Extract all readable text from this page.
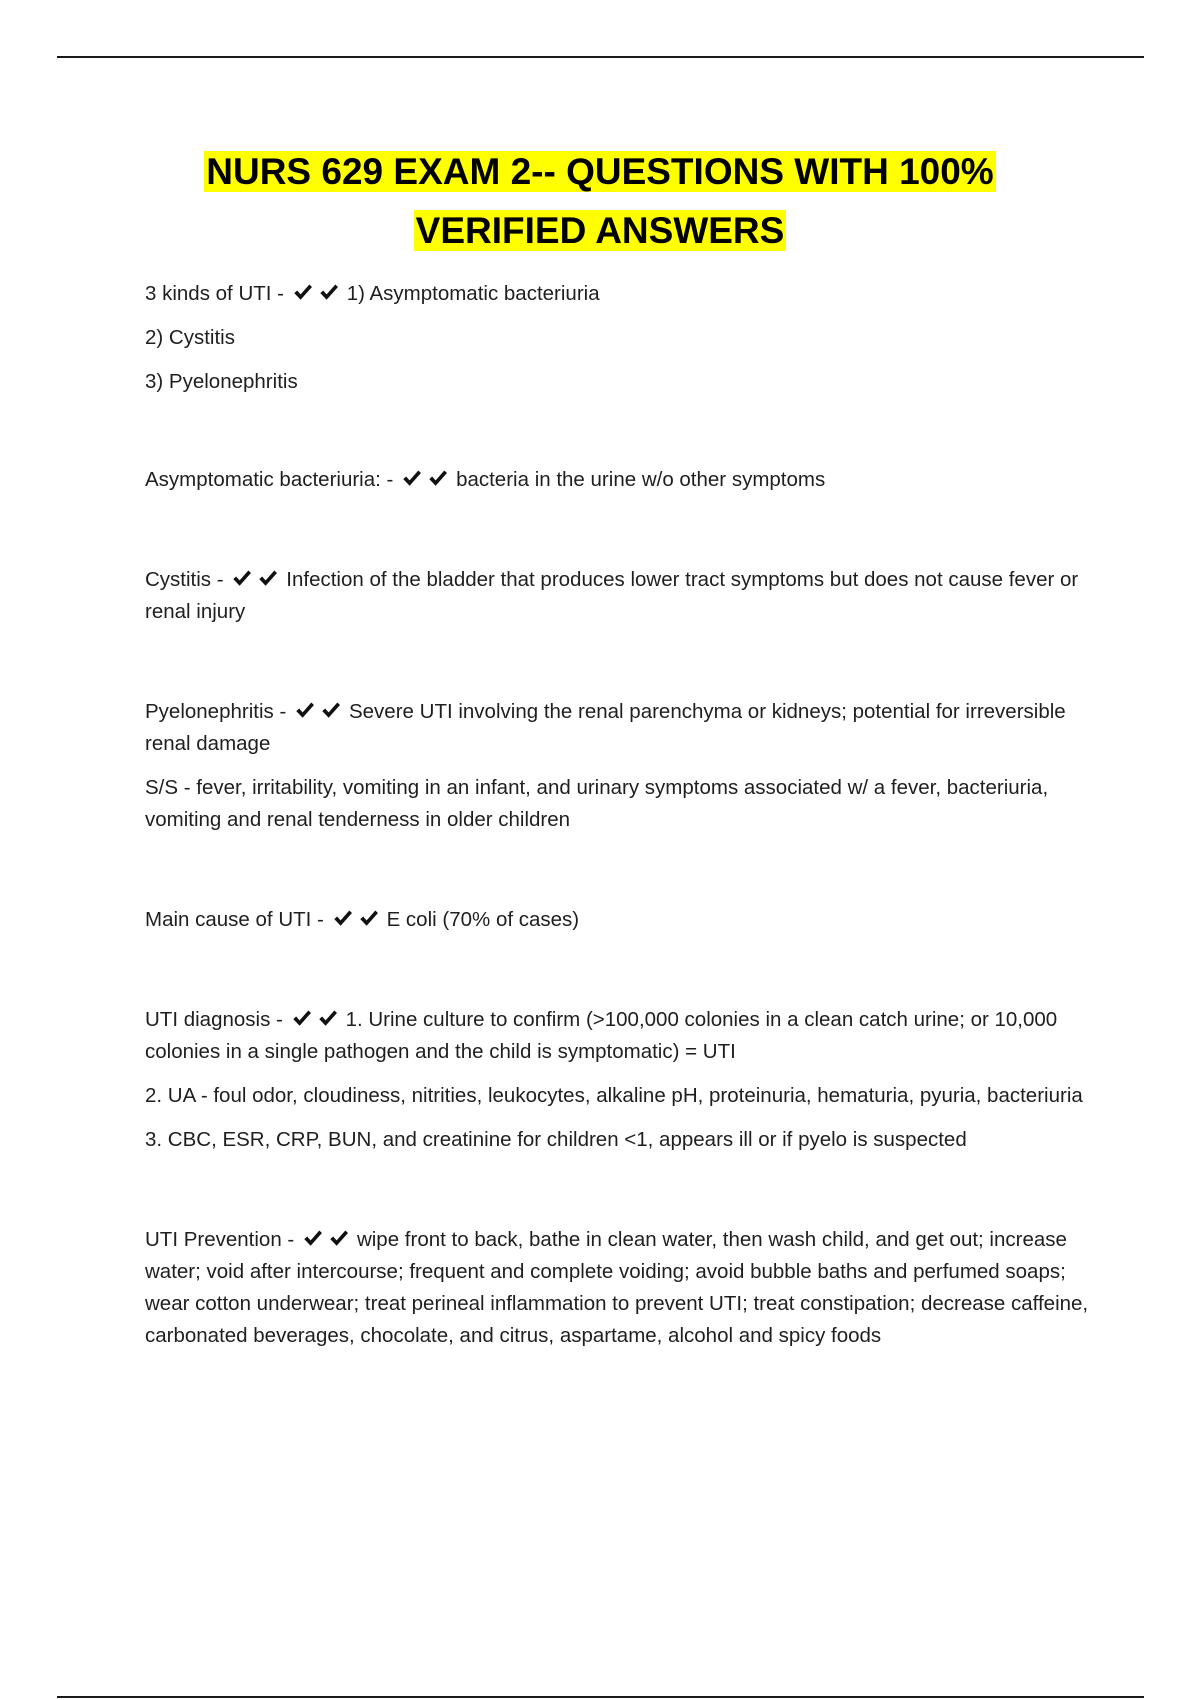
NURS 629 EXAM 2-- QUESTIONS WITH 100%
VERIFIED ANSWERS

3 kinds of UTI -	1) Asymptomatic bacteriuria

2) Cystitis

3) Pyelonephritis

Asymptomatic bacteriuria: -	bacteria in the urine w/o other symptoms

Cystitis -	Infection of the bladder that produces lower tract symptoms but does not cause fever or renal injury

Pyelonephritis -	Severe UTI involving the renal parenchyma or kidneys; potential for irreversible renal damage

S/S - fever, irritability, vomiting in an infant, and urinary symptoms associated w/ a fever, bacteriuria, vomiting and renal tenderness in older children

Main cause of UTI -	E coli (70% of cases)

UTI diagnosis -	1. Urine culture to confirm (>100,000 colonies in a clean catch urine; or 10,000 colonies in a single pathogen and the child is symptomatic) = UTI

2. UA - foul odor, cloudiness, nitrities, leukocytes, alkaline pH, proteinuria, hematuria, pyuria, bacteriuria

3. CBC, ESR, CRP, BUN, and creatinine for children <1, appears ill or if pyelo is suspected

UTI Prevention -	wipe front to back, bathe in clean water, then wash child, and get out; increase water; void after intercourse; frequent and complete voiding; avoid bubble baths and perfumed soaps; wear cotton underwear; treat perineal inflammation to prevent UTI; treat constipation; decrease caffeine, carbonated beverages, chocolate, and citrus, aspartame, alcohol and spicy foods
